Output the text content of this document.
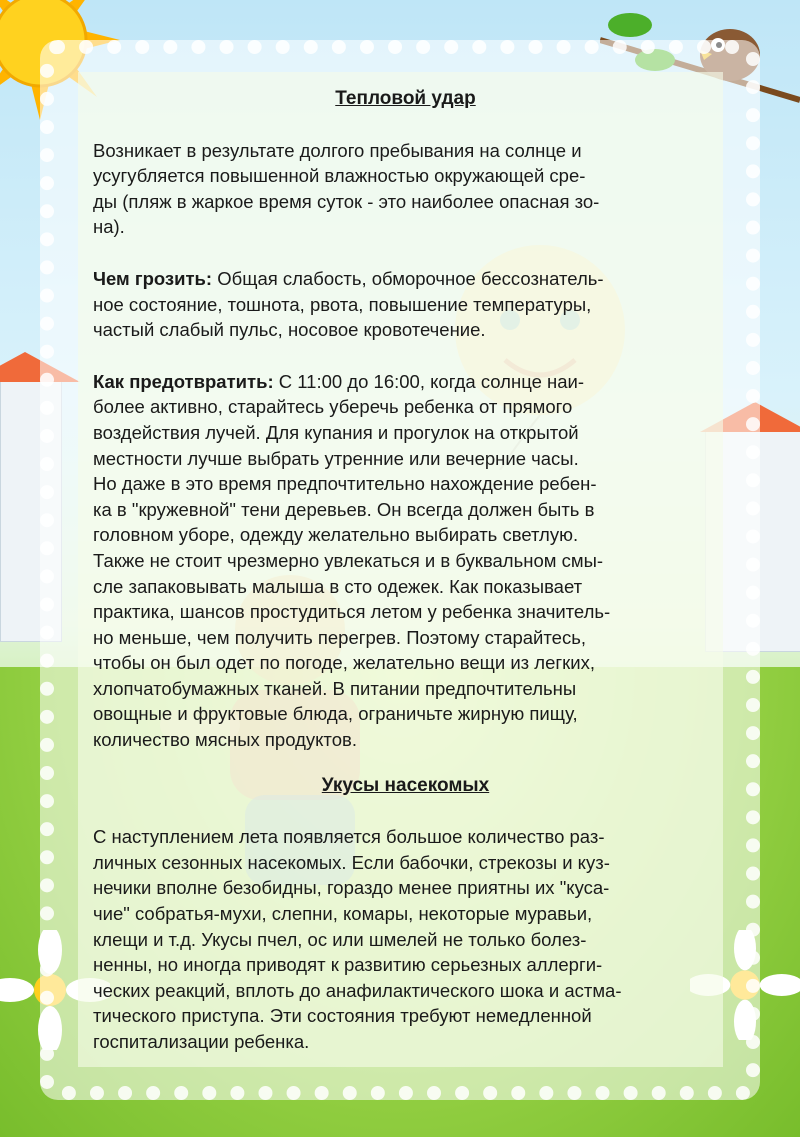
Тепловой удар
Возникает в результате долгого пребывания на солнце и
усугубляется повышенной влажностью окружающей сре-
ды (пляж в жаркое время суток - это наиболее опасная зо-
на).
Чем грозить: Общая слабость, обморочное бессознатель-
ное состояние, тошнота, рвота, повышение температуры,
частый слабый пульс, носовое кровотечение.
Как предотвратить: С 11:00 до 16:00, когда солнце наи-
более активно, старайтесь уберечь ребенка от прямого
воздействия лучей. Для купания и прогулок на открытой
местности лучше выбрать утренние или вечерние часы.
Но даже в это время предпочтительно нахождение ребен-
ка в "кружевной" тени деревьев. Он всегда должен быть в
головном уборе, одежду желательно выбирать светлую.
Также не стоит чрезмерно увлекаться и в буквальном смы-
сле запаковывать малыша в сто одежек. Как показывает
практика, шансов простудиться летом у ребенка значитель-
но меньше, чем получить перегрев. Поэтому старайтесь,
чтобы он был одет по погоде, желательно вещи из легких,
хлопчатобумажных тканей. В питании предпочтительны
овощные и фруктовые блюда, ограничьте жирную пищу,
количество мясных продуктов.
Укусы насекомых
С наступлением лета появляется большое количество раз-
личных сезонных насекомых. Если бабочки, стрекозы и куз-
нечики вполне безобидны, гораздо менее приятны их "куса-
чие" собратья-мухи, слепни, комары, некоторые муравьи,
клещи и т.д. Укусы пчел, ос или шмелей не только болез-
ненны, но иногда приводят к развитию серьезных аллерги-
ческих реакций, вплоть до анафилактического шока и астма-
тического приступа. Эти состояния требуют немедленной
госпитализации ребенка.
